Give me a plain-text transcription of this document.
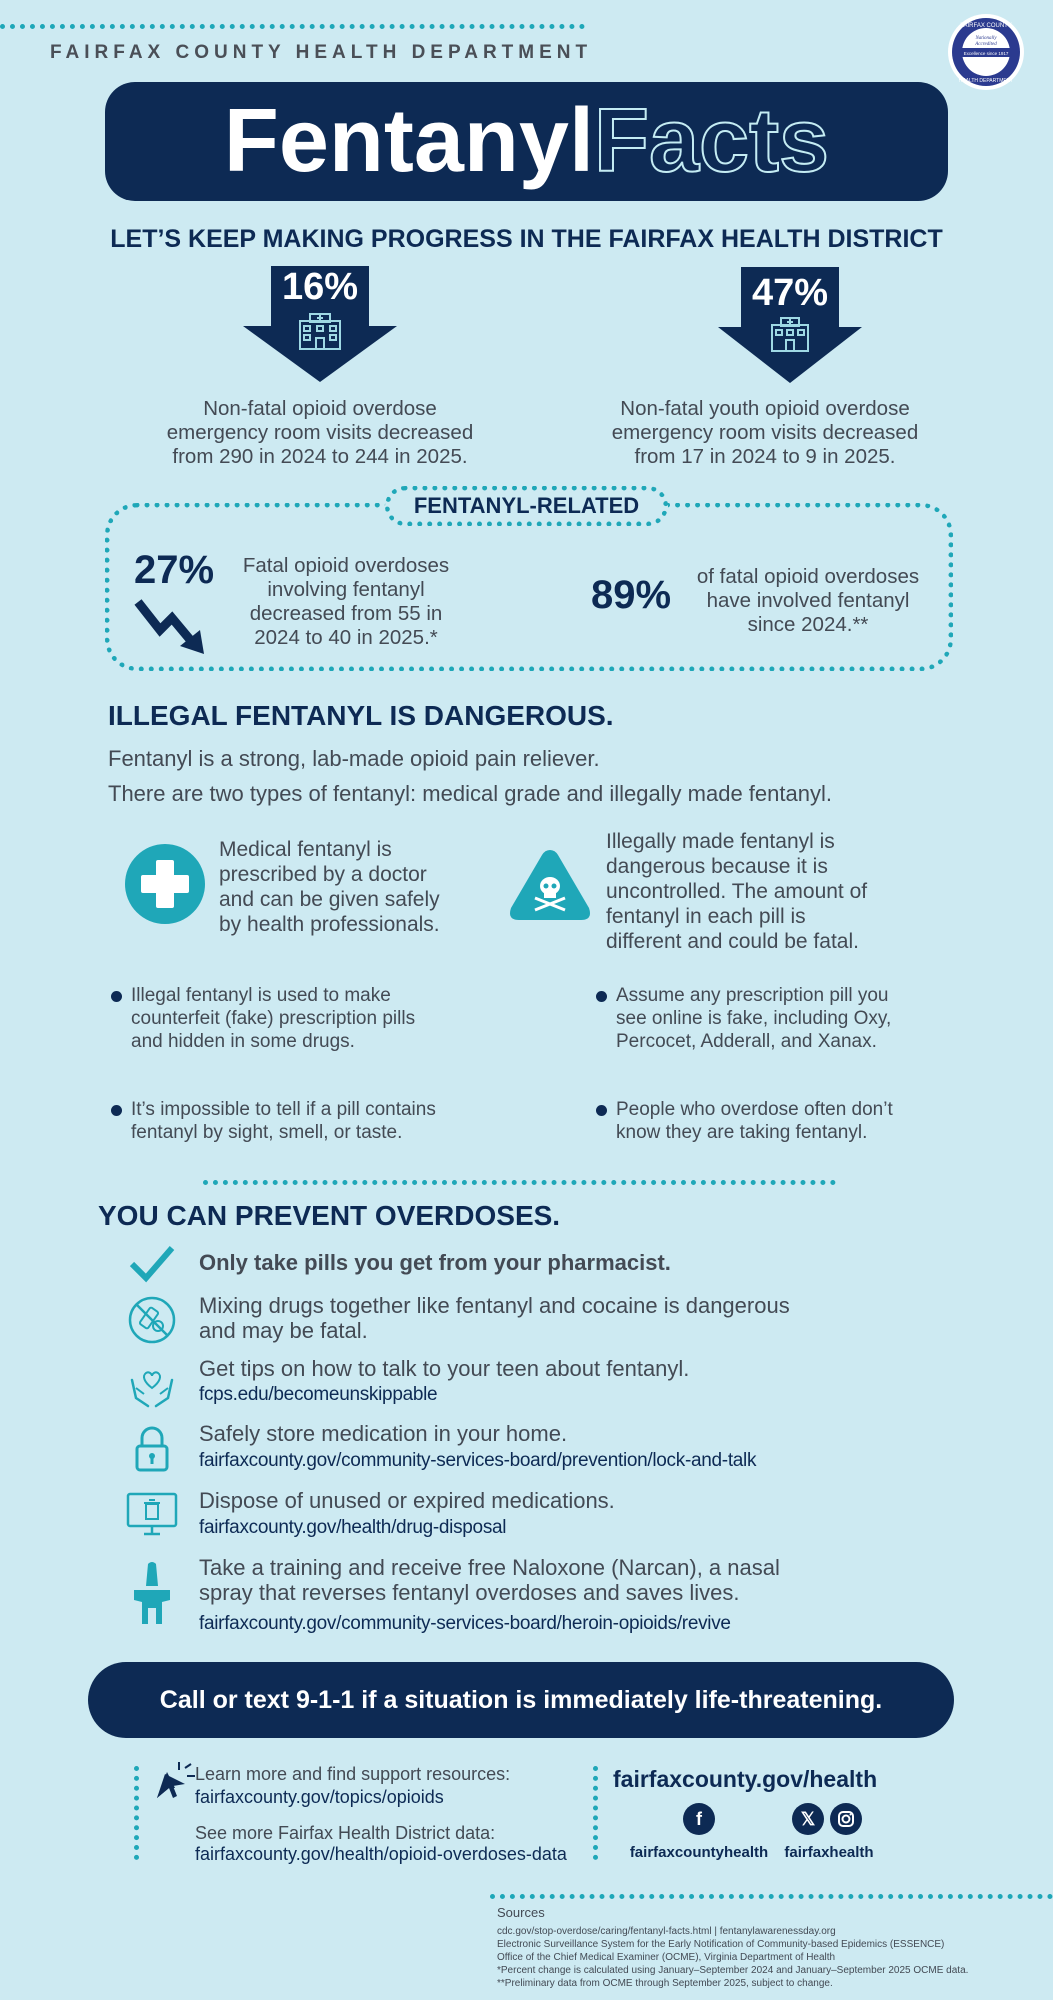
FAIRFAX COUNTY HEALTH DEPARTMENT
FAIRFAX COUNTY
Nationally
Accredited
Excellence since 1917
HEALTH DEPARTMENT
FentanylFacts
LET’S KEEP MAKING PROGRESS IN THE FAIRFAX HEALTH DISTRICT
16%
Non-fatal opioid overdose
emergency room visits decreased
from 290 in 2024 to 244 in 2025.
47%
Non-fatal youth opioid overdose
emergency room visits decreased
from 17 in 2024 to 9 in 2025.
FENTANYL-RELATED
27%	Fatal opioid overdoses
involving fentanyl
decreased from 55 in
2024 to 40 in 2025.*
89%	of fatal opioid overdoses
have involved fentanyl
since 2024.**
ILLEGAL FENTANYL IS DANGEROUS.
Fentanyl is a strong, lab-made opioid pain reliever.
There are two types of fentanyl: medical grade and illegally made fentanyl.
Medical fentanyl is
prescribed by a doctor
and can be given safely
by health professionals.
Illegally made fentanyl is
dangerous because it is
uncontrolled. The amount of
fentanyl in each pill is
different and could be fatal.
Illegal fentanyl is used to make
counterfeit (fake) prescription pills
and hidden in some drugs.
Assume any prescription pill you
see online is fake, including Oxy,
Percocet, Adderall, and Xanax.
It’s impossible to tell if a pill contains
fentanyl by sight, smell, or taste.
People who overdose often don’t
know they are taking fentanyl.
YOU CAN PREVENT OVERDOSES.
Only take pills you get from your pharmacist.
Mixing drugs together like fentanyl and cocaine is dangerous
and may be fatal.
Get tips on how to talk to your teen about fentanyl.
fcps.edu/becomeunskippable
Safely store medication in your home.
fairfaxcounty.gov/community-services-board/prevention/lock-and-talk
Dispose of unused or expired medications.
fairfaxcounty.gov/health/drug-disposal
Take a training and receive free Naloxone (Narcan), a nasal
spray that reverses fentanyl overdoses and saves lives.
fairfaxcounty.gov/community-services-board/heroin-opioids/revive
Call or text 9-1-1 if a situation is immediately life-threatening.
Learn more and find support resources:
fairfaxcounty.gov/topics/opioids
See more Fairfax Health District data:
fairfaxcounty.gov/health/opioid-overdoses-data
fairfaxcounty.gov/health
f	𝕏
fairfaxcountyhealth	fairfaxhealth
Sources
cdc.gov/stop-overdose/caring/fentanyl-facts.html | fentanylawarenessday.org
Electronic Surveillance System for the Early Notification of Community-based Epidemics (ESSENCE)
Office of the Chief Medical Examiner (OCME), Virginia Department of Health
*Percent change is calculated using January–September 2024 and January–September 2025 OCME data.
**Preliminary data from OCME through September 2025, subject to change.
